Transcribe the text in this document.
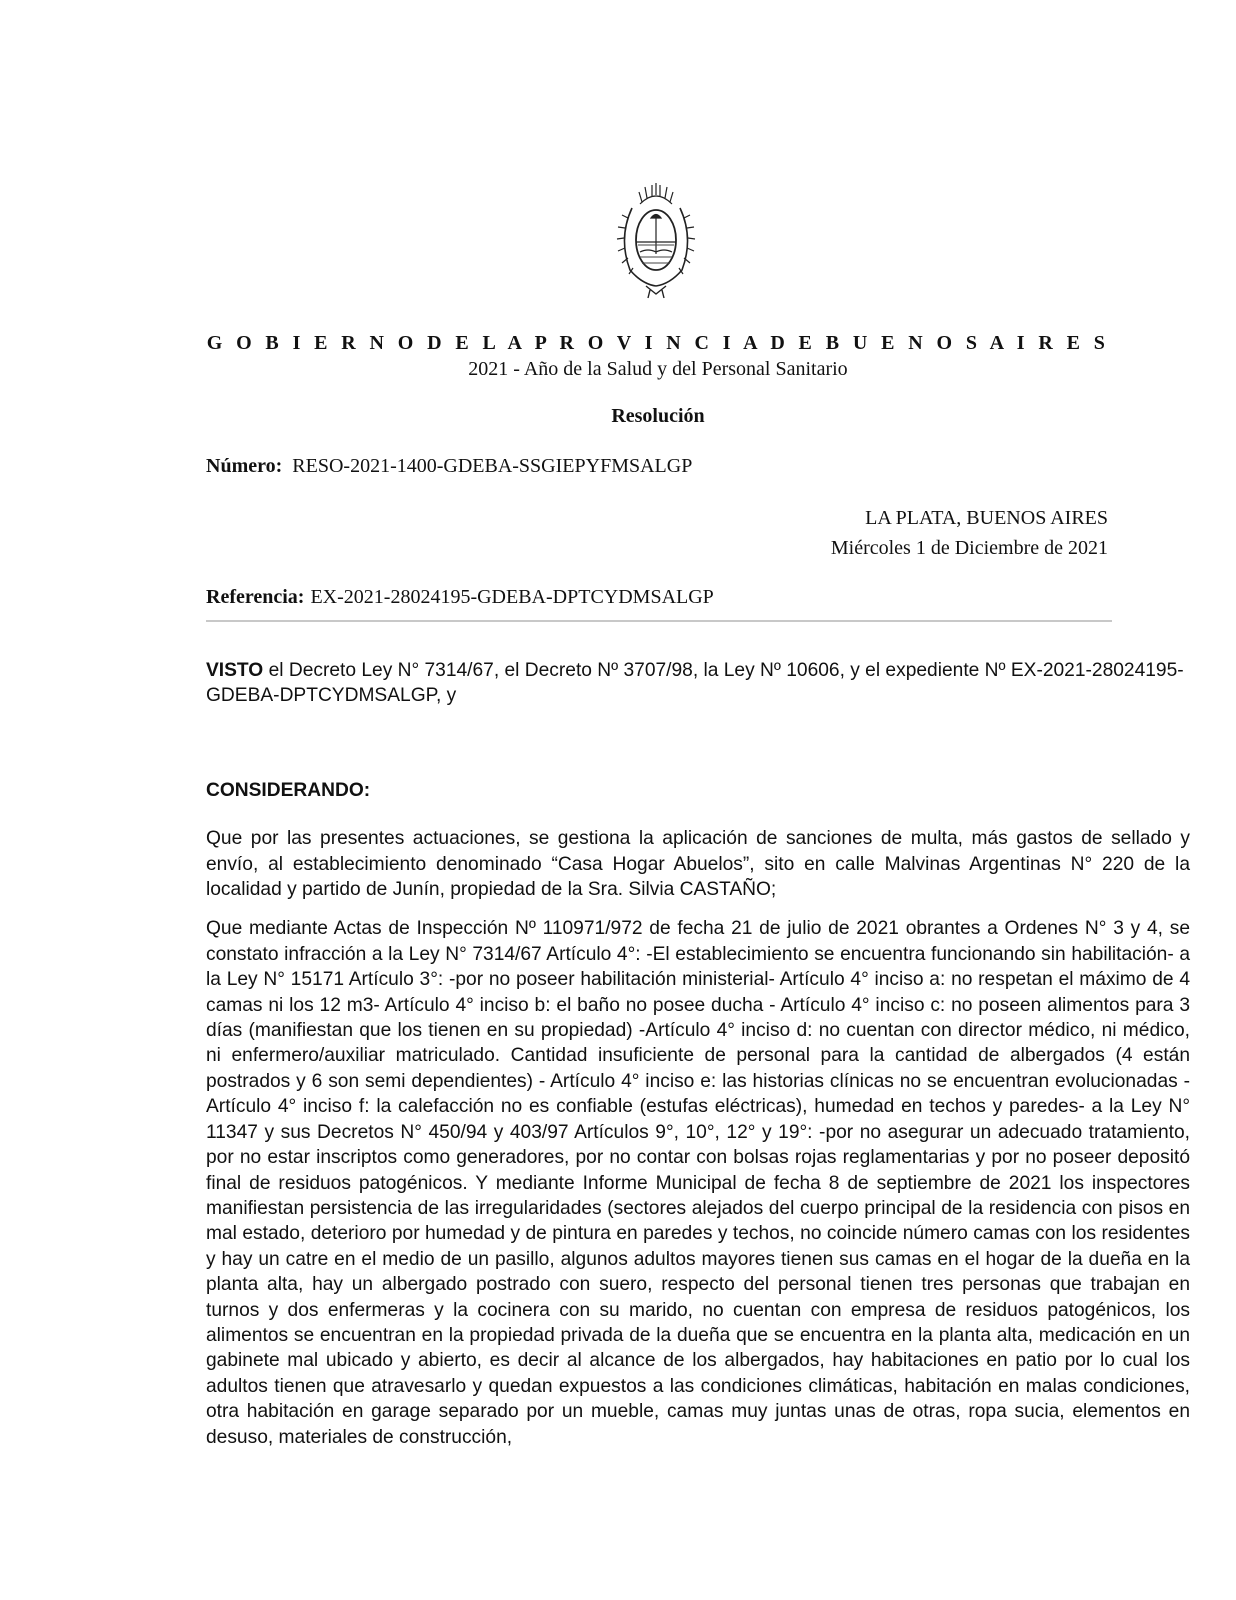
G O B I E R N O D E L A P R O V I N C I A D E B U E N O S A I R E S
2021 - Año de la Salud y del Personal Sanitario
Resolución
Número: RESO-2021-1400-GDEBA-SSGIEPYFMSALGP
LA PLATA, BUENOS AIRES
Miércoles 1 de Diciembre de 2021
Referencia: EX-2021-28024195-GDEBA-DPTCYDMSALGP

VISTO el Decreto Ley N° 7314/67, el Decreto Nº 3707/98, la Ley Nº 10606, y el expediente Nº EX-2021-28024195-GDEBA-DPTCYDMSALGP, y

CONSIDERANDO:

Que por las presentes actuaciones, se gestiona la aplicación de sanciones de multa, más gastos de sellado y envío, al establecimiento denominado “Casa Hogar Abuelos”, sito en calle Malvinas Argentinas N° 220 de la localidad y partido de Junín, propiedad de la Sra. Silvia CASTAÑO;

Que mediante Actas de Inspección Nº 110971/972 de fecha 21 de julio de 2021 obrantes a Ordenes N° 3 y 4, se constato infracción a la Ley N° 7314/67 Artículo 4°: -El establecimiento se encuentra funcionando sin habilitación- a la Ley N° 15171 Artículo 3°: -por no poseer habilitación ministerial- Artículo 4° inciso a: no respetan el máximo de 4 camas ni los 12 m3- Artículo 4° inciso b: el baño no posee ducha - Artículo 4° inciso c: no poseen alimentos para 3 días (manifiestan que los tienen en su propiedad) -Artículo 4° inciso d: no cuentan con director médico, ni médico, ni enfermero/auxiliar matriculado. Cantidad insuficiente de personal para la cantidad de albergados (4 están postrados y 6 son semi dependientes) - Artículo 4° inciso e: las historias clínicas no se encuentran evolucionadas - Artículo 4° inciso f: la calefacción no es confiable (estufas eléctricas), humedad en techos y paredes- a la Ley N° 11347 y sus Decretos N° 450/94 y 403/97 Artículos 9°, 10°, 12° y 19°: -por no asegurar un adecuado tratamiento, por no estar inscriptos como generadores, por no contar con bolsas rojas reglamentarias y por no poseer depositó final de residuos patogénicos. Y mediante Informe Municipal de fecha 8 de septiembre de 2021 los inspectores manifiestan persistencia de las irregularidades (sectores alejados del cuerpo principal de la residencia con pisos en mal estado, deterioro por humedad y de pintura en paredes y techos, no coincide número camas con los residentes y hay un catre en el medio de un pasillo, algunos adultos mayores tienen sus camas en el hogar de la dueña en la planta alta, hay un albergado postrado con suero, respecto del personal tienen tres personas que trabajan en turnos y dos enfermeras y la cocinera con su marido, no cuentan con empresa de residuos patogénicos, los alimentos se encuentran en la propiedad privada de la dueña que se encuentra en la planta alta, medicación en un gabinete mal ubicado y abierto, es decir al alcance de los albergados, hay habitaciones en patio por lo cual los adultos tienen que atravesarlo y quedan expuestos a las condiciones climáticas, habitación en malas condiciones, otra habitación en garage separado por un mueble, camas muy juntas unas de otras, ropa sucia, elementos en desuso, materiales de construcción,
